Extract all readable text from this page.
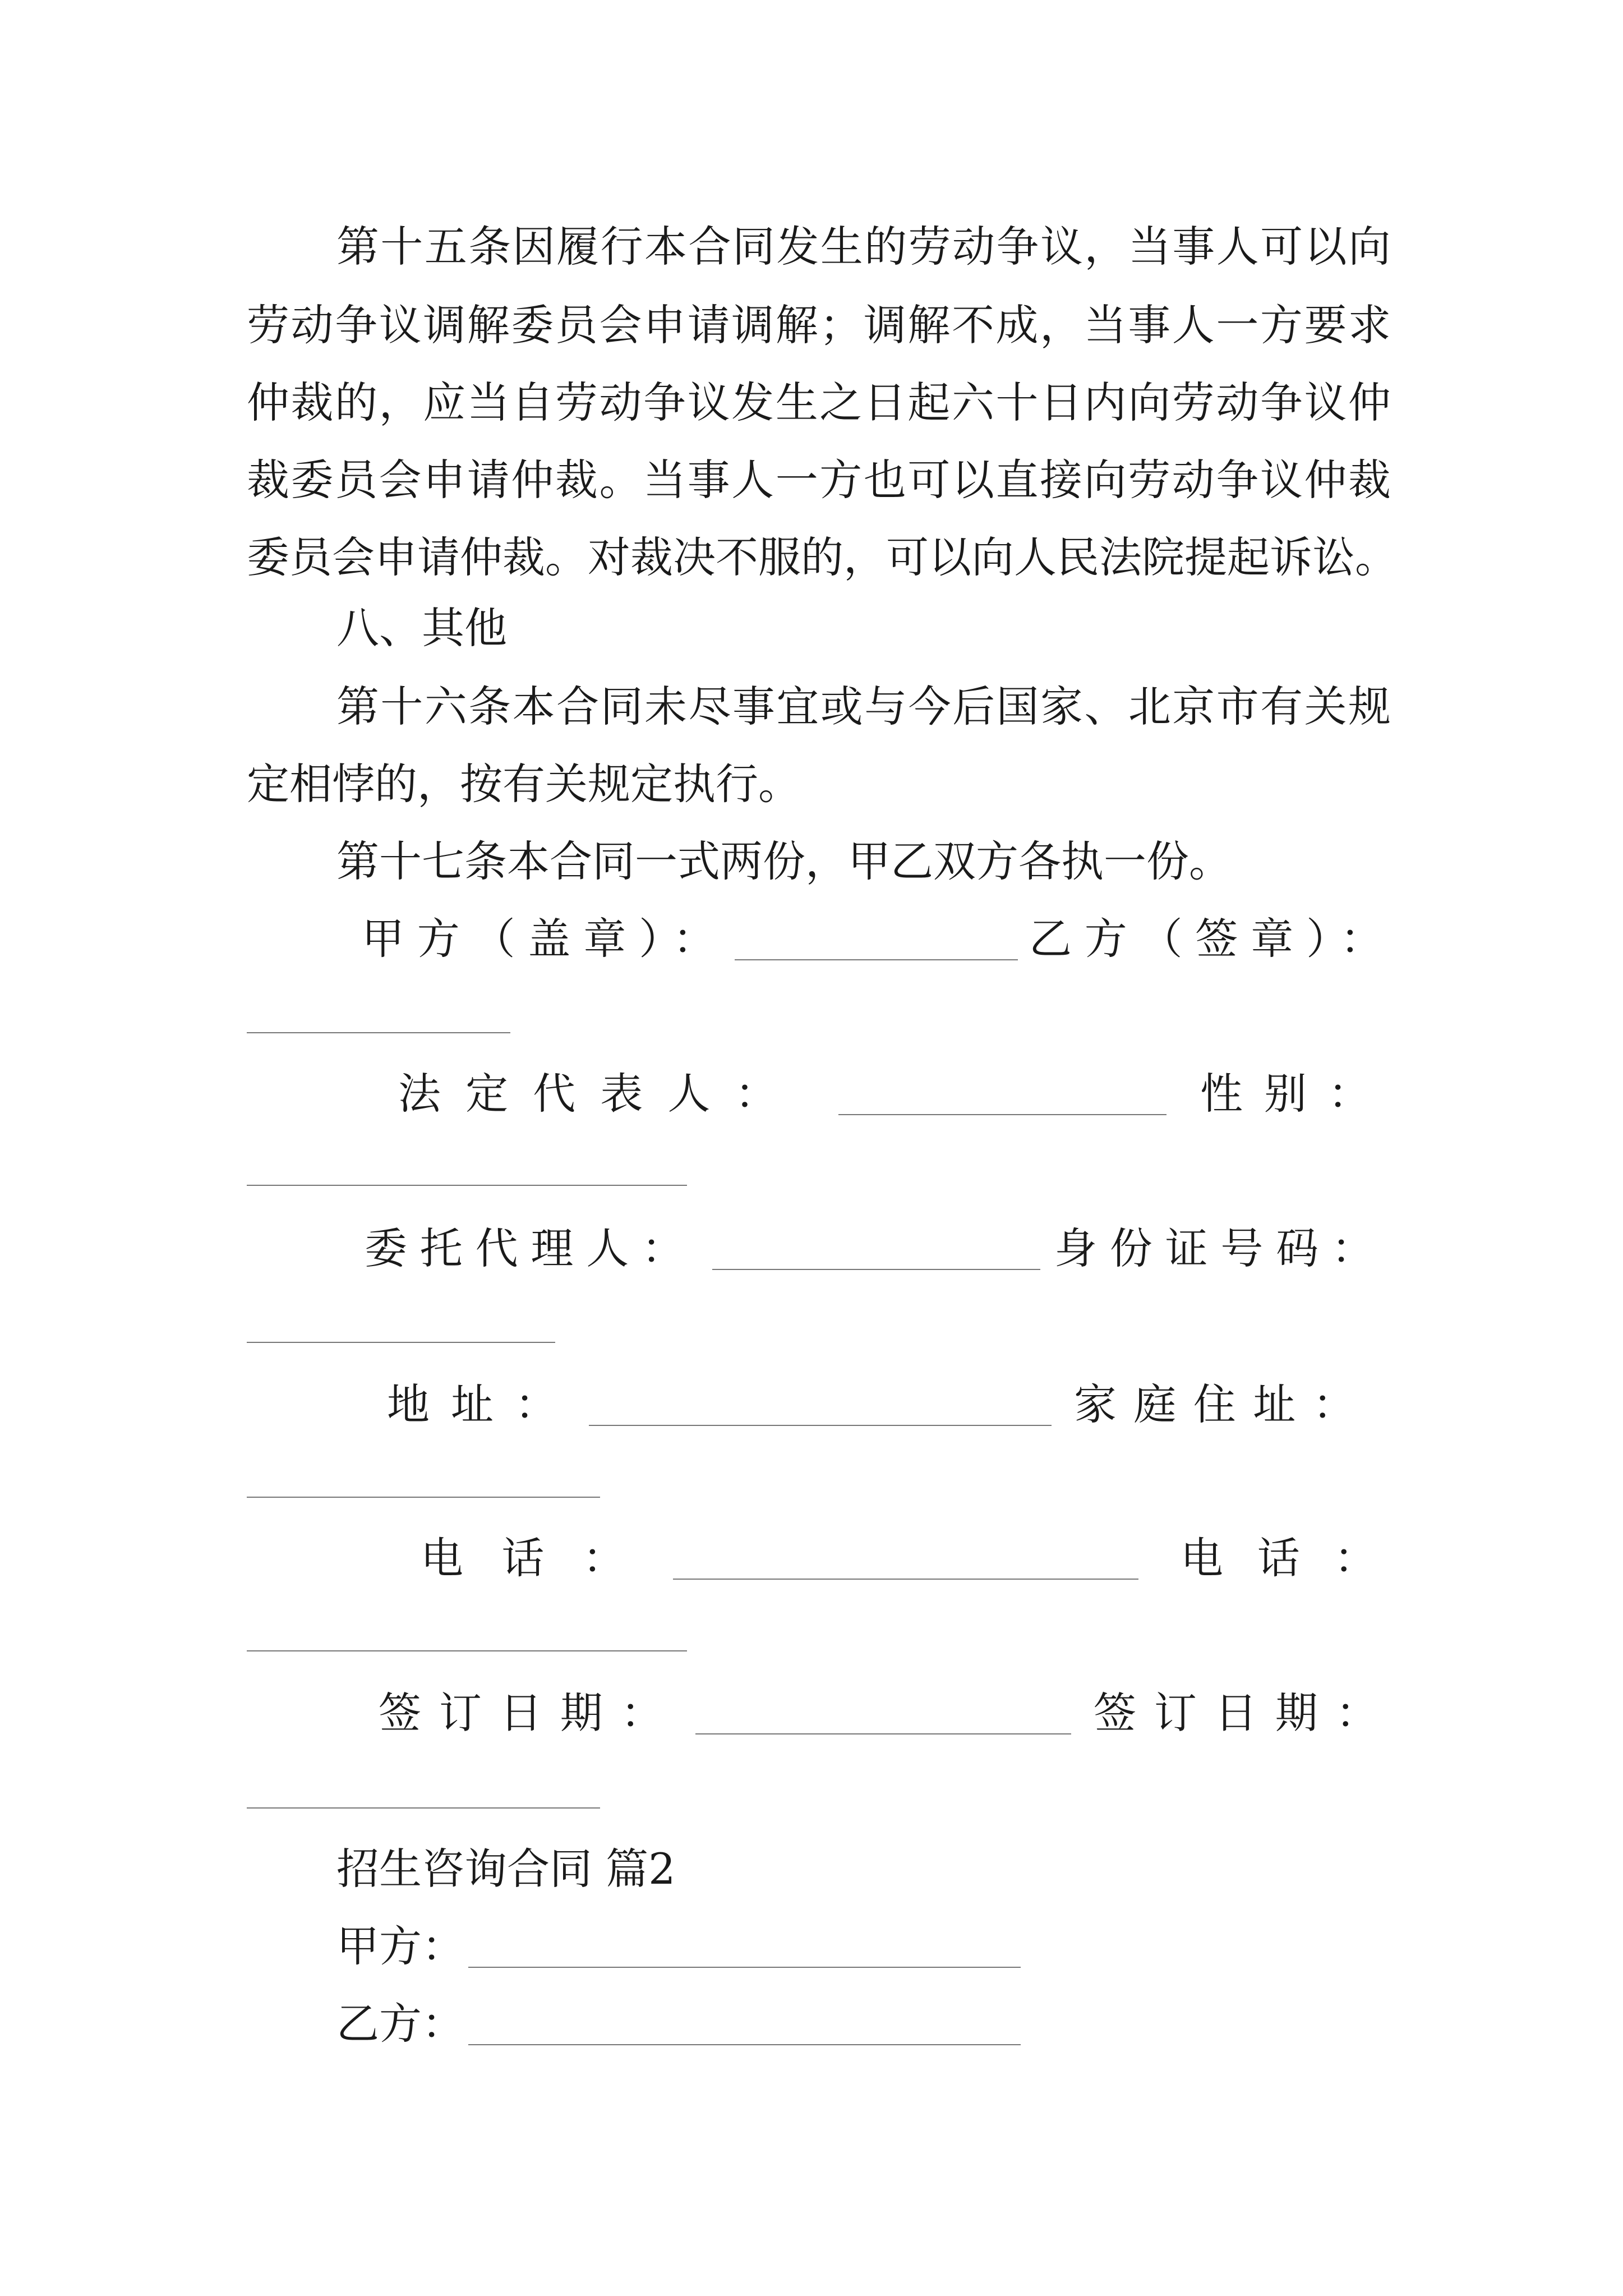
第十五条因履行本合同发生的劳动争议，当事人可以向
劳动争议调解委员会申请调解；调解不成，当事人一方要求
仲裁的，应当自劳动争议发生之日起六十日内向劳动争议仲
裁委员会申请仲裁。当事人一方也可以直接向劳动争议仲裁
委员会申请仲裁。对裁决不服的，可以向人民法院提起诉讼。
八、其他
第十六条本合同未尽事宜或与今后国家、北京市有关规
定相悖的，按有关规定执行。
第十七条本合同一式两份，甲乙双方各执一份。
甲方（盖章）：	乙方（签章）：
法定代表人：	性别：
委托代理人：	身份证号码：
地址：	家庭住址：
电话：	电话：
签订日期：	签订日期：
招生咨询合同 篇2
甲方：
乙方：
